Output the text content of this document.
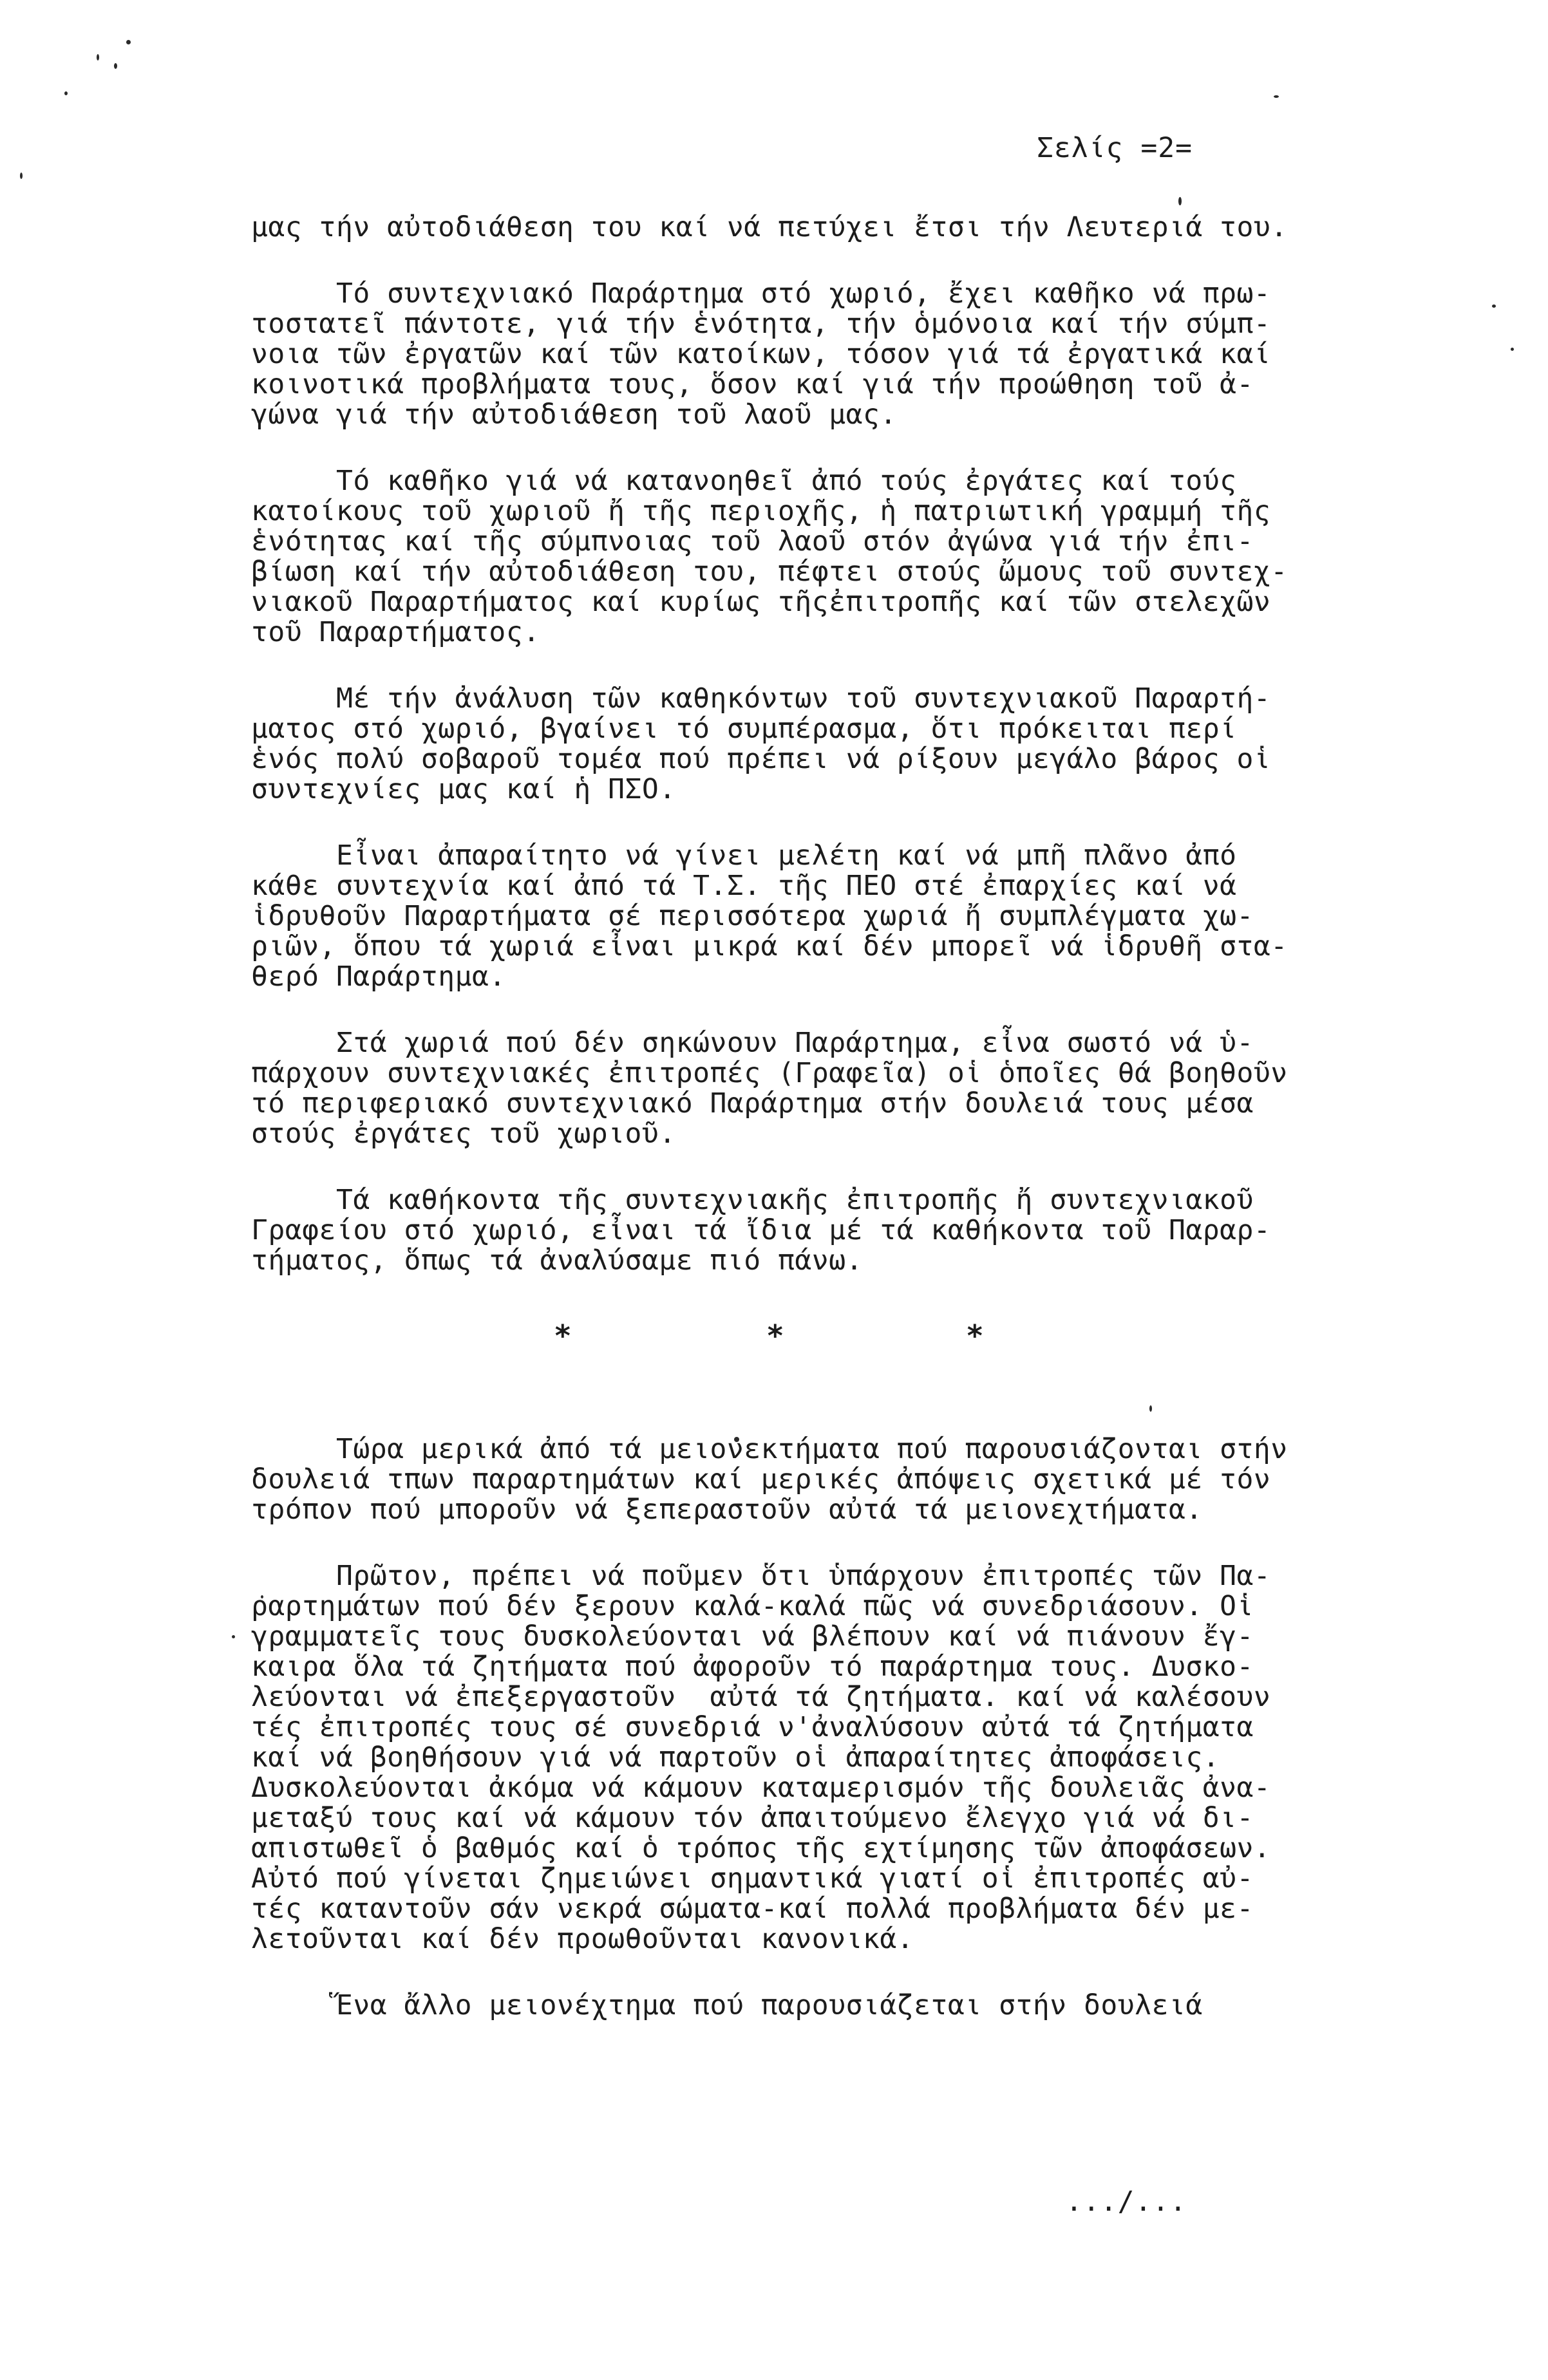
Σελίς =2=
μας τήν αὐτοδιάθεση του καί νά πετύχει ἔτσι τήν Λευτεριά του.
Τό συντεχνιακό Παράρτημα στό χωριό, ἔχει καθῆκο νά πρω-
τοστατεῖ πάντοτε, γιά τήν ἑνότητα, τήν ὁμόνοια καί τήν σύμπ-
νοια τῶν ἐργατῶν καί τῶν κατοίκων, τόσον γιά τά ἐργατικά καί
κοινοτικά προβλήματα τους, ὅσον καί γιά τήν προώθηση τοῦ ἀ-
γώνα γιά τήν αὐτοδιάθεση τοῦ λαοῦ μας.
Τό καθῆκο γιά νά κατανοηθεῖ ἀπό τούς ἐργάτες καί τούς
κατοίκους τοῦ χωριοῦ ἤ τῆς περιοχῆς, ἡ πατριωτική γραμμή τῆς
ἑνότητας καί τῆς σύμπνοιας τοῦ λαοῦ στόν ἀγώνα γιά τήν ἐπι-
βίωση καί τήν αὐτοδιάθεση του, πέφτει στούς ὤμους τοῦ συντεχ-
νιακοῦ Παραρτήματος καί κυρίως τῆςἐπιτροπῆς καί τῶν στελεχῶν
τοῦ Παραρτήματος.
Μέ τήν ἀνάλυση τῶν καθηκόντων τοῦ συντεχνιακοῦ Παραρτή-
ματος στό χωριό, βγαίνει τό συμπέρασμα, ὅτι πρόκειται περί
ἑνός πολύ σοβαροῦ τομέα πού πρέπει νά ρίξουν μεγάλο βάρος οἱ
συντεχνίες μας καί ἡ ΠΣΟ.
Εἶναι ἀπαραίτητο νά γίνει μελέτη καί νά μπῆ πλᾶνο ἀπό
κάθε συντεχνία καί ἀπό τά Τ.Σ. τῆς ΠΕΟ στέ ἐπαρχίες καί νά
ἱδρυθοῦν Παραρτήματα σέ περισσότερα χωριά ἤ συμπλέγματα χω-
ριῶν, ὅπου τά χωριά εἶναι μικρά καί δέν μπορεῖ νά ἱδρυθῆ στα-
θερό Παράρτημα.
Στά χωριά πού δέν σηκώνουν Παράρτημα, εἶνα σωστό νά ὑ-
πάρχουν συντεχνιακές ἐπιτροπές (Γραφεῖα) οἱ ὁποῖες θά βοηθοῦν
τό περιφεριακό συντεχνιακό Παράρτημα στήν δουλειά τους μέσα
στούς ἐργάτες τοῦ χωριοῦ.
Τά καθήκοντα τῆς συντεχνιακῆς ἐπιτροπῆς ἤ συντεχνιακοῦ
Γραφείου στό χωριό, εἶναι τά ἴδια μέ τά καθήκοντα τοῦ Παραρ-
τήματος, ὅπως τά ἀναλύσαμε πιό πάνω.
*	*	*
Τώρα μερικά ἀπό τά μειονεκτήματα πού παρουσιάζονται στήν
δουλειά τπων παραρτημάτων καί μερικές ἀπόψεις σχετικά μέ τόν
τρόπον πού μποροῦν νά ξεπεραστοῦν αὐτά τά μειονεχτήματα.
Πρῶτον, πρέπει νά ποῦμεν ὅτι ὑπάρχουν ἐπιτροπές τῶν Πα-
ραρτημάτων πού δέν ξερουν καλά-καλά πῶς νά συνεδριάσουν. Οἱ
γραμματεῖς τους δυσκολεύονται νά βλέπουν καί νά πιάνουν ἔγ-
καιρα ὅλα τά ζητήματα πού ἀφοροῦν τό παράρτημα τους. Δυσκο-
λεύονται νά ἐπεξεργαστοῦν  αὐτά τά ζητήματα. καί νά καλέσουν
τές ἐπιτροπές τους σέ συνεδριά ν'ἀναλύσουν αὐτά τά ζητήματα
καί νά βοηθήσουν γιά νά παρτοῦν οἱ ἀπαραίτητες ἀποφάσεις.
Δυσκολεύονται ἀκόμα νά κάμουν καταμερισμόν τῆς δουλειᾶς ἀνα-
μεταξύ τους καί νά κάμουν τόν ἀπαιτούμενο ἔλεγχο γιά νά δι-
απιστωθεῖ ὁ βαθμός καί ὁ τρόπος τῆς εχτίμησης τῶν ἀποφάσεων.
Αὐτό πού γίνεται ζημειώνει σημαντικά γιατί οἱ ἐπιτροπές αὐ-
τές καταντοῦν σάν νεκρά σώματα-καί πολλά προβλήματα δέν με-
λετοῦνται καί δέν προωθοῦνται κανονικά.
Ἕνα ἄλλο μειονέχτημα πού παρουσιάζεται στήν δουλειά
.../...
